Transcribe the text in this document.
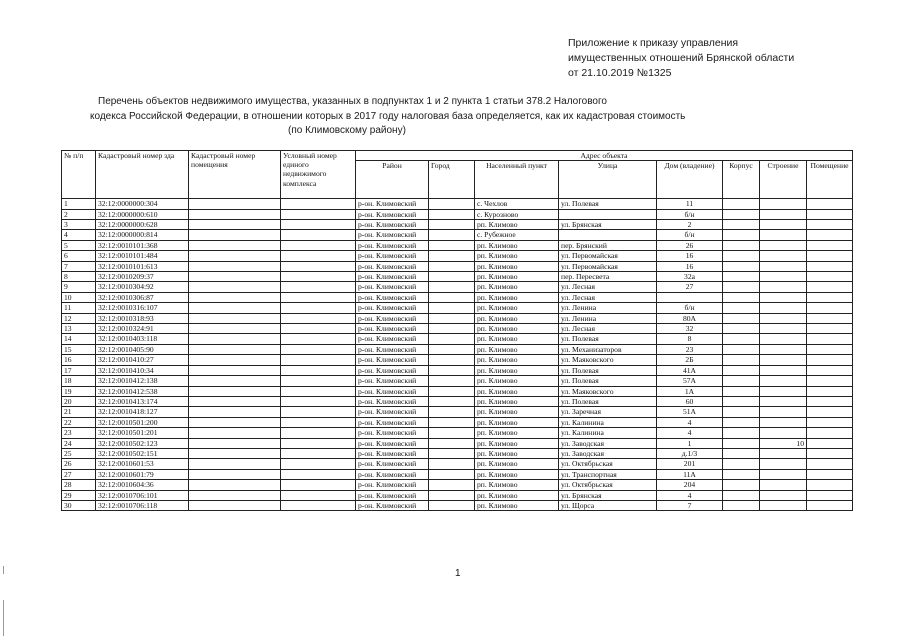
Приложение к приказу управления
имущественных отношений Брянской области
от 21.10.2019 №1325
Перечень объектов недвижимого имущества, указанных в подпунктах 1 и 2 пункта 1 статьи 378.2 Налогового
кодекса Российской Федерации, в отношении которых в 2017 году налоговая база определяется, как их кадастровая стоимость
(по Климовскому району)
№ п/п	Кадастровый номер зда	Кадастровый номер помещения	Условный номер единого недвижимого комплекса	Адрес объекта							
				Район	Город	Населенный пункт	Улица	Дом (владение)	Корпус	Строение	Помещение
1	32:12:0000000:304			р-он. Климовский		с. Чехлов	ул. Полевая	11			
2	32:12:0000000:610			р-он. Климовский		с. Курозново		б/н			
3	32:12:0000000:628			р-он. Климовский		рп. Климово	ул. Брянская	2			
4	32:12:0000000:814			р-он. Климовский		с. Рубежное		б/н			
5	32:12:0010101:368			р-он. Климовский		рп. Климово	пер. Брянский	26			
6	32:12:0010101:484			р-он. Климовский		рп. Климово	ул. Первомайская	16			
7	32:12:0010101:613			р-он. Климовский		рп. Климово	ул. Первомайская	16			
8	32:12:0010209:37			р-он. Климовский		рп. Климово	пер. Пересвета	32а			
9	32:12:0010304:92			р-он. Климовский		рп. Климово	ул. Лесная	27			
10	32:12:0010306:87			р-он. Климовский		рп. Климово	ул. Лесная				
11	32:12:0010316:107			р-он. Климовский		рп. Климово	ул. Ленина	б/н			
12	32:12:0010318:93			р-он. Климовский		рп. Климово	ул. Ленина	80А			
13	32:12:0010324:91			р-он. Климовский		рп. Климово	ул. Лесная	32			
14	32:12:0010403:118			р-он. Климовский		рп. Климово	ул. Полевая	8			
15	32:12:0010405:90			р-он. Климовский		рп. Климово	ул. Механизаторов	23			
16	32:12:0010410:27			р-он. Климовский		рп. Климово	ул. Маяковского	2Б			
17	32:12:0010410:34			р-он. Климовский		рп. Климово	ул. Полевая	41А			
18	32:12:0010412:138			р-он. Климовский		рп. Климово	ул. Полевая	57А			
19	32:12:0010412:538			р-он. Климовский		рп. Климово	ул. Маяковского	1А			
20	32:12:0010413:174			р-он. Климовский		рп. Климово	ул. Полевая	60			
21	32:12:0010418:127			р-он. Климовский		рп. Климово	ул. Заречная	51А			
22	32:12:0010501:200			р-он. Климовский		рп. Климово	ул. Калинина	4			
23	32:12:0010501:201			р-он. Климовский		рп. Климово	ул. Калинина	4			
24	32:12:0010502:123			р-он. Климовский		рп. Климово	ул. Заводская	1		10	
25	32:12:0010502:151			р-он. Климовский		рп. Климово	ул. Заводская	д.1/3			
26	32:12:0010601:53			р-он. Климовский		рп. Климово	ул. Октябрьская	201			
27	32:12:0010601:79			р-он. Климовский		рп. Климово	ул. Транспортная	11А			
28	32:12:0010604:36			р-он. Климовский		рп. Климово	ул. Октябрьская	204			
29	32:12:0010706:101			р-он. Климовский		рп. Климово	ул. Брянская	4			
30	32:12:0010706:118			р-он. Климовский		рп. Климово	ул. Щорса	7			
1
